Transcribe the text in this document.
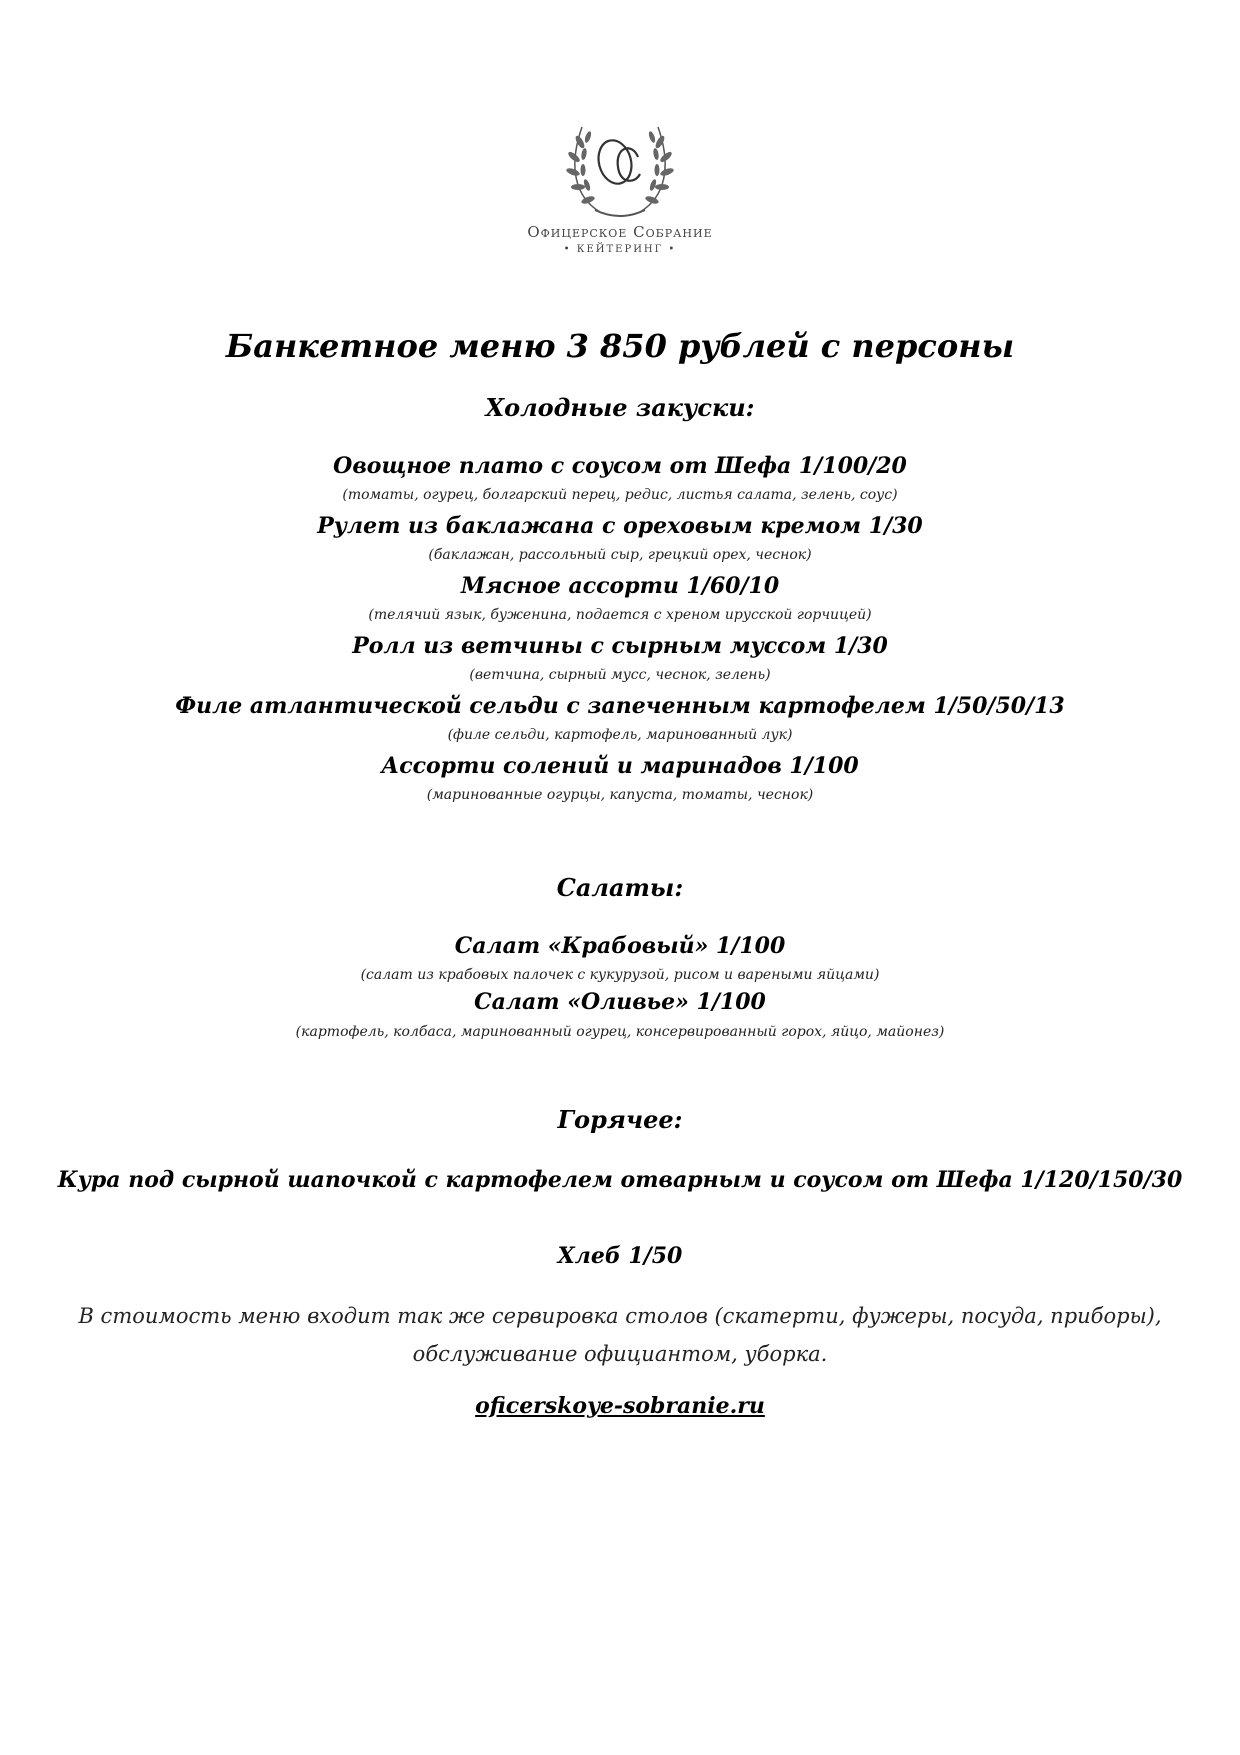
Офицерское Собрание
• КЕЙТЕРИНГ •
Банкетное меню 3 850 рублей с персоны
Холодные закуски:
Овощное плато с соусом от Шефа 1/100/20
(томаты, огурец, болгарский перец, редис, листья салата, зелень, соус)
Рулет из баклажана с ореховым кремом 1/30
(баклажан, рассольный сыр, грецкий орех, чеснок)
Мясное ассорти 1/60/10
(телячий язык, буженина, подается с хреном ирусской горчицей)
Ролл из ветчины с сырным муссом 1/30
(ветчина, сырный мусс, чеснок, зелень)
Филе атлантической сельди с запеченным картофелем 1/50/50/13
(филе сельди, картофель, маринованный лук)
Ассорти солений и маринадов 1/100
(маринованные огурцы, капуста, томаты, чеснок)
Салаты:
Салат «Крабовый» 1/100
(салат из крабовых палочек с кукурузой, рисом и вареными яйцами)
Салат «Оливье» 1/100
(картофель, колбаса, маринованный огурец, консервированный горох, яйцо, майонез)
Горячее:
Кура под сырной шапочкой с картофелем отварным и соусом от Шефа 1/120/150/30
Хлеб 1/50
В стоимость меню входит так же сервировка столов (скатерти, фужеры, посуда, приборы),
обслуживание официантом, уборка.
oficerskoye-sobranie.ru
